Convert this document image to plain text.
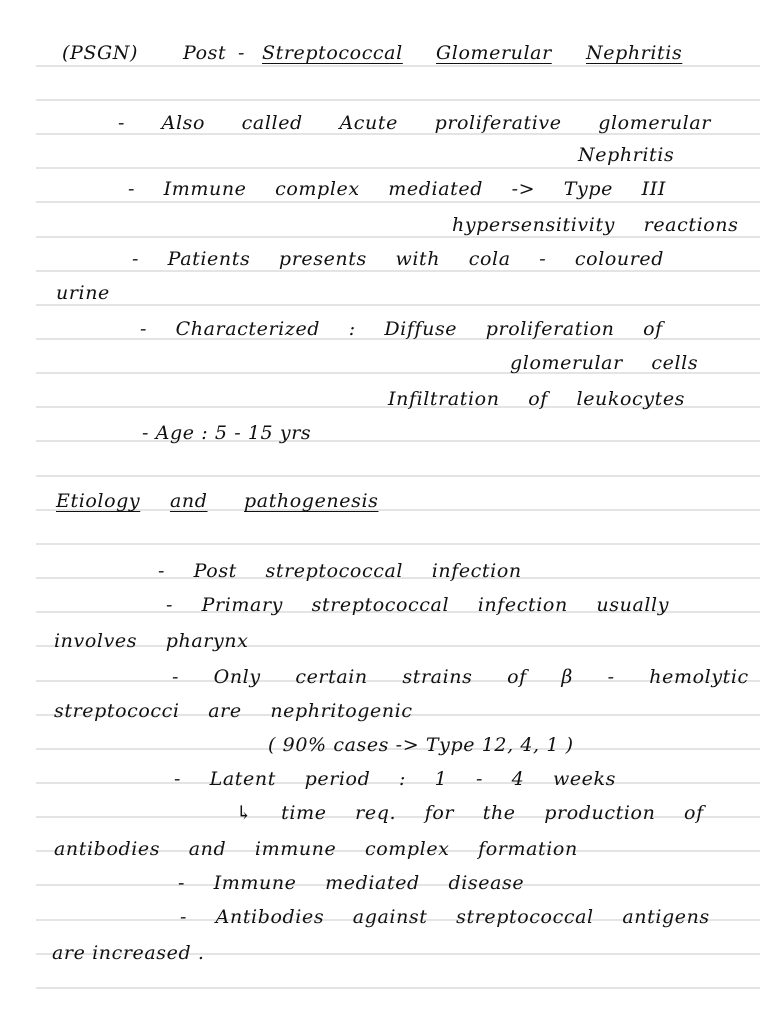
(PSGN) Post - Streptococcal Glomerular Nephritis
- Also called Acute proliferative glomerular
Nephritis
- Immune complex mediated -> Type III
hypersensitivity reactions
- Patients presents with cola - coloured
urine
- Characterized : Diffuse proliferation of
glomerular cells
Infiltration of leukocytes
- Age : 5 - 15 yrs
Etiology and pathogenesis
- Post streptococcal infection
- Primary streptococcal infection usually
involves pharynx
- Only certain strains of β - hemolytic
streptococci are nephritogenic
( 90% cases -> Type 12, 4, 1 )
- Latent period : 1 - 4 weeks
↳ time req. for the production of
antibodies and immune complex formation
- Immune mediated disease
- Antibodies against streptococcal antigens
are increased .
